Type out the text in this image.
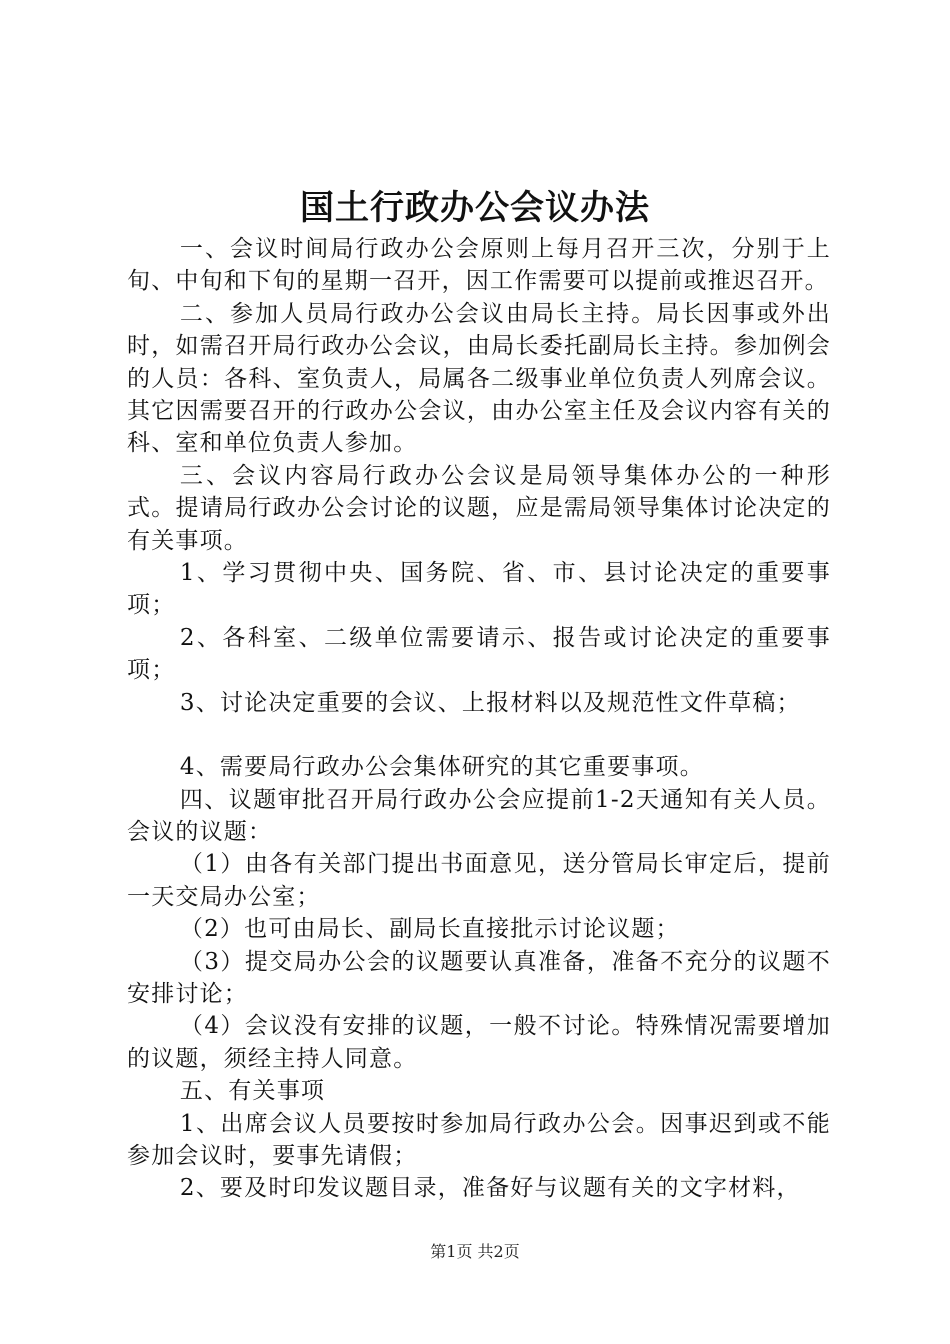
国土行政办公会议办法

一、会议时间局行政办公会原则上每月召开三次，分别于上旬、中旬和下旬的星期一召开，因工作需要可以提前或推迟召开。

二、参加人员局行政办公会议由局长主持。局长因事或外出时，如需召开局行政办公会议，由局长委托副局长主持。参加例会的人员：各科、室负责人，局属各二级事业单位负责人列席会议。其它因需要召开的行政办公会议，由办公室主任及会议内容有关的科、室和单位负责人参加。

三、会议内容局行政办公会议是局领导集体办公的一种形式。提请局行政办公会讨论的议题，应是需局领导集体讨论决定的有关事项。

1、学习贯彻中央、国务院、省、市、县讨论决定的重要事项；

2、各科室、二级单位需要请示、报告或讨论决定的重要事项；

3、讨论决定重要的会议、上报材料以及规范性文件草稿；

4、需要局行政办公会集体研究的其它重要事项。

四、议题审批召开局行政办公会应提前1-2天通知有关人员。会议的议题：

（1）由各有关部门提出书面意见，送分管局长审定后，提前一天交局办公室；

（2）也可由局长、副局长直接批示讨论议题；

（3）提交局办公会的议题要认真准备，准备不充分的议题不安排讨论；

（4）会议没有安排的议题，一般不讨论。特殊情况需要增加的议题，须经主持人同意。

五、有关事项

1、出席会议人员要按时参加局行政办公会。因事迟到或不能参加会议时，要事先请假；

2、要及时印发议题目录，准备好与议题有关的文字材料，

第1页 共2页
